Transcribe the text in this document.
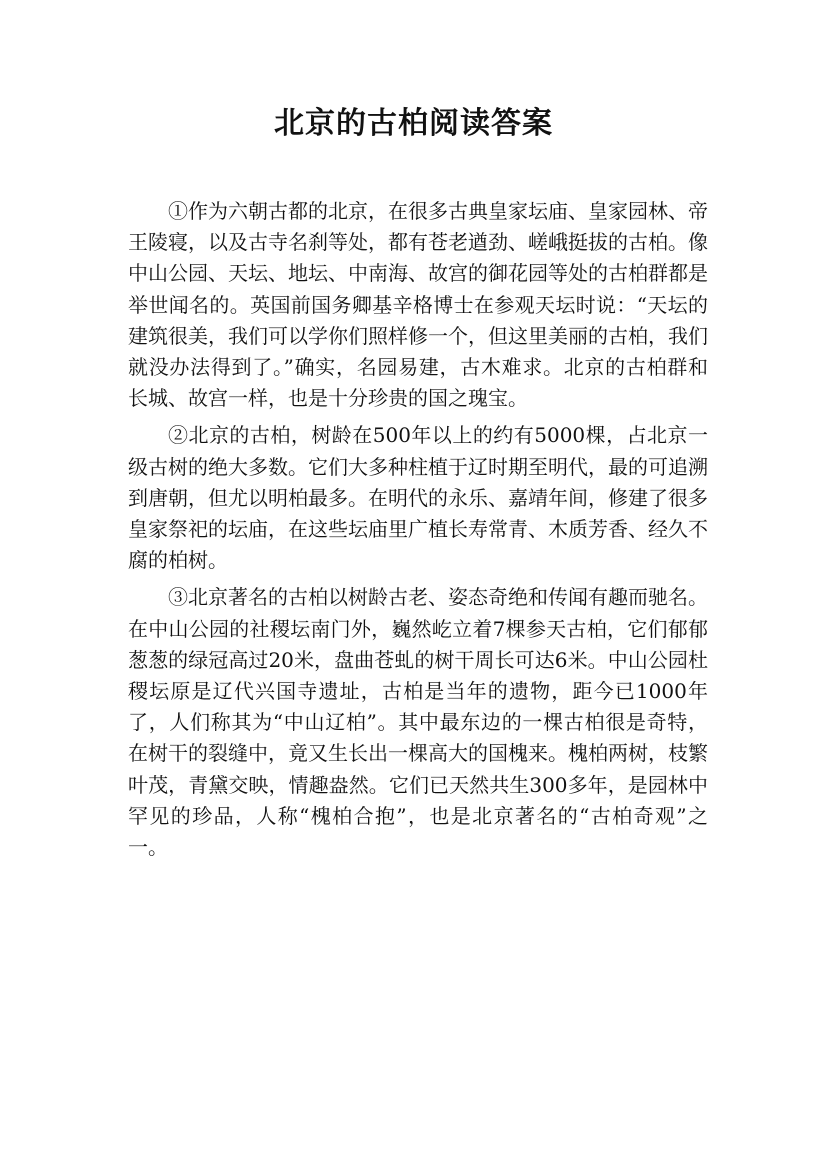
北京的古柏阅读答案

①作为六朝古都的北京，在很多古典皇家坛庙、皇家园林、帝王陵寝，以及古寺名刹等处，都有苍老遒劲、嵯峨挺拔的古柏。像中山公园、天坛、地坛、中南海、故宫的御花园等处的古柏群都是举世闻名的。英国前国务卿基辛格博士在参观天坛时说：“天坛的建筑很美，我们可以学你们照样修一个，但这里美丽的古柏，我们就没办法得到了。”确实，名园易建，古木难求。北京的古柏群和长城、故宫一样，也是十分珍贵的国之瑰宝。

②北京的古柏，树龄在500年以上的约有5000棵，占北京一级古树的绝大多数。它们大多种柱植于辽时期至明代，最的可追溯到唐朝，但尤以明柏最多。在明代的永乐、嘉靖年间，修建了很多皇家祭祀的坛庙，在这些坛庙里广植长寿常青、木质芳香、经久不腐的柏树。

③北京著名的古柏以树龄古老、姿态奇绝和传闻有趣而驰名。在中山公园的社稷坛南门外，巍然屹立着7棵参天古柏，它们郁郁葱葱的绿冠高过20米，盘曲苍虬的树干周长可达6米。中山公园杜稷坛原是辽代兴国寺遗址，古柏是当年的遗物，距今已1000年了，人们称其为“中山辽柏”。其中最东边的一棵古柏很是奇特，在树干的裂缝中，竟又生长出一棵高大的国槐来。槐柏两树，枝繁叶茂，青黛交映，情趣盎然。它们已天然共生300多年，是园林中罕见的珍品，人称“槐柏合抱”，也是北京著名的“古柏奇观”之一。
